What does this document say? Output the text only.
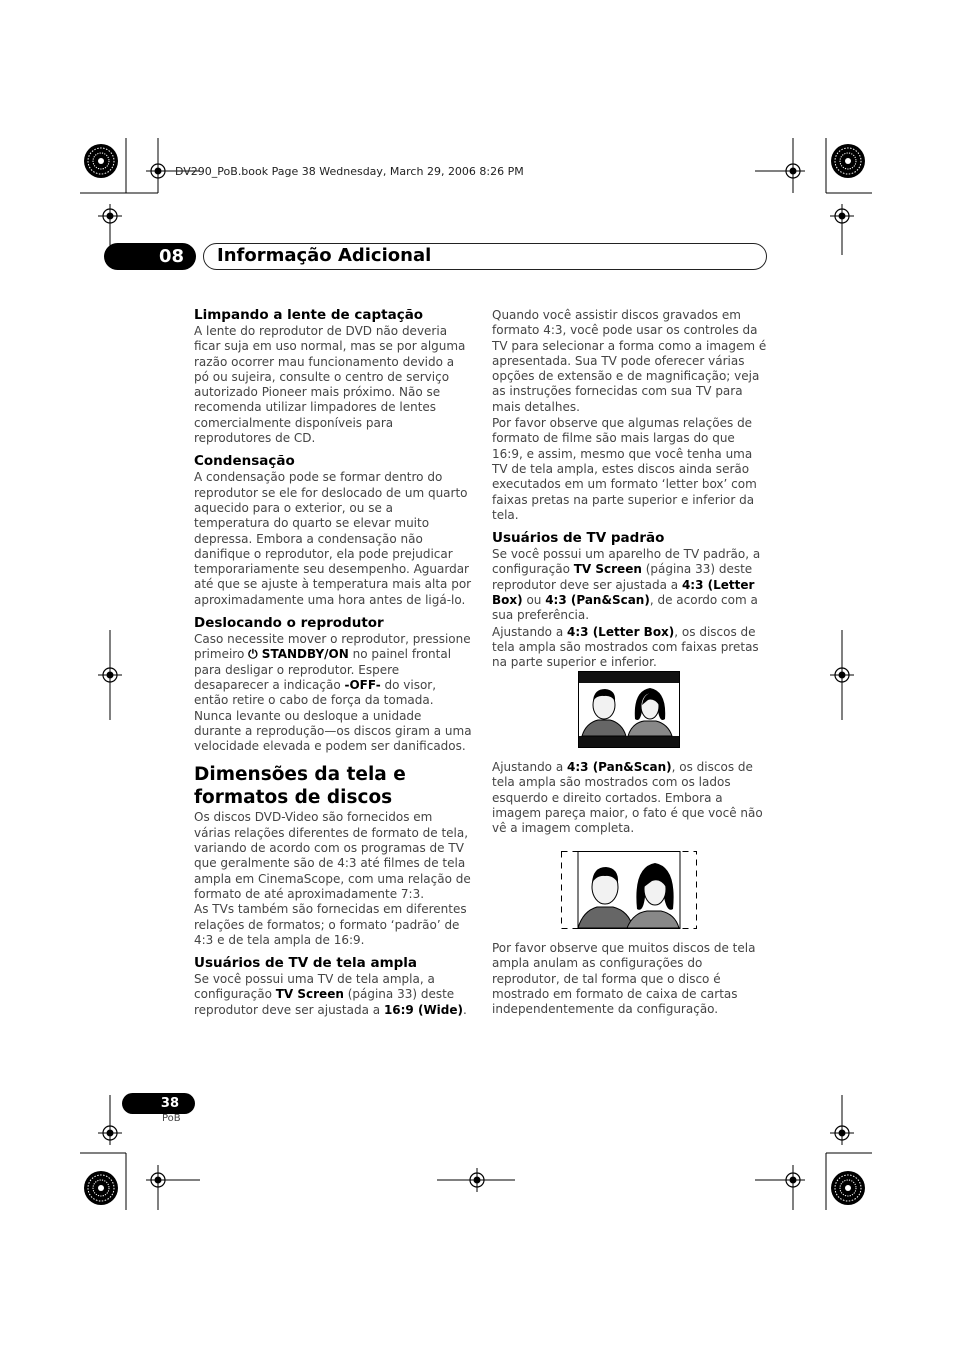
DV290_PoB.book Page 38 Wednesday, March 29, 2006 8:26 PM
08	Informação Adicional
Limpando a lente de captação

A lente do reprodutor de DVD não deveria ficar suja em uso normal, mas se por alguma razão ocorrer mau funcionamento devido a pó ou sujeira, consulte o centro de serviço autorizado Pioneer mais próximo. Não se recomenda utilizar limpadores de lentes comercialmente disponíveis para reprodutores de CD.

Condensação

A condensação pode se formar dentro do reprodutor se ele for deslocado de um quarto aquecido para o exterior, ou se a temperatura do quarto se elevar muito depressa. Embora a condensação não danifique o reprodutor, ela pode prejudicar temporariamente seu desempenho. Aguardar até que se ajuste à temperatura mais alta por aproximadamente uma hora antes de ligá-lo.

Deslocando o reprodutor

Caso necessite mover o reprodutor, pressione primeiro ⏻ STANDBY/ON no painel frontal para desligar o reprodutor. Espere desaparecer a indicação -OFF- do visor, então retire o cabo de força da tomada. Nunca levante ou desloque a unidade durante a reprodução—os discos giram a uma velocidade elevada e podem ser danificados.

Dimensões da tela e formatos de discos

Os discos DVD-Video são fornecidos em várias relações diferentes de formato de tela, variando de acordo com os programas de TV que geralmente são de 4:3 até filmes de tela ampla em CinemaScope, com uma relação de formato de até aproximadamente 7:3.

As TVs também são fornecidas em diferentes relações de formatos; o formato ‘padrão’ de 4:3 e de tela ampla de 16:9.

Usuários de TV de tela ampla

Se você possui uma TV de tela ampla, a configuração TV Screen (página 33) deste reprodutor deve ser ajustada a 16:9 (Wide).

Quando você assistir discos gravados em formato 4:3, você pode usar os controles da TV para selecionar a forma como a imagem é apresentada. Sua TV pode oferecer várias opções de extensão e de magnificação; veja as instruções fornecidas com sua TV para mais detalhes.

Por favor observe que algumas relações de formato de filme são mais largas do que 16:9, e assim, mesmo que você tenha uma TV de tela ampla, estes discos ainda serão executados em um formato ‘letter box’ com faixas pretas na parte superior e inferior da tela.

Usuários de TV padrão

Se você possui um aparelho de TV padrão, a configuração TV Screen (página 33) deste reprodutor deve ser ajustada a 4:3 (Letter Box) ou 4:3 (Pan&Scan), de acordo com a sua preferência.

Ajustando a 4:3 (Letter Box), os discos de tela ampla são mostrados com faixas pretas na parte superior e inferior.

Ajustando a 4:3 (Pan&Scan), os discos de tela ampla são mostrados com os lados esquerdo e direito cortados. Embora a imagem pareça maior, o fato é que você não vê a imagem completa.

Por favor observe que muitos discos de tela ampla anulam as configurações do reprodutor, de tal forma que o disco é mostrado em formato de caixa de cartas independentemente da configuração.

38
PoB
